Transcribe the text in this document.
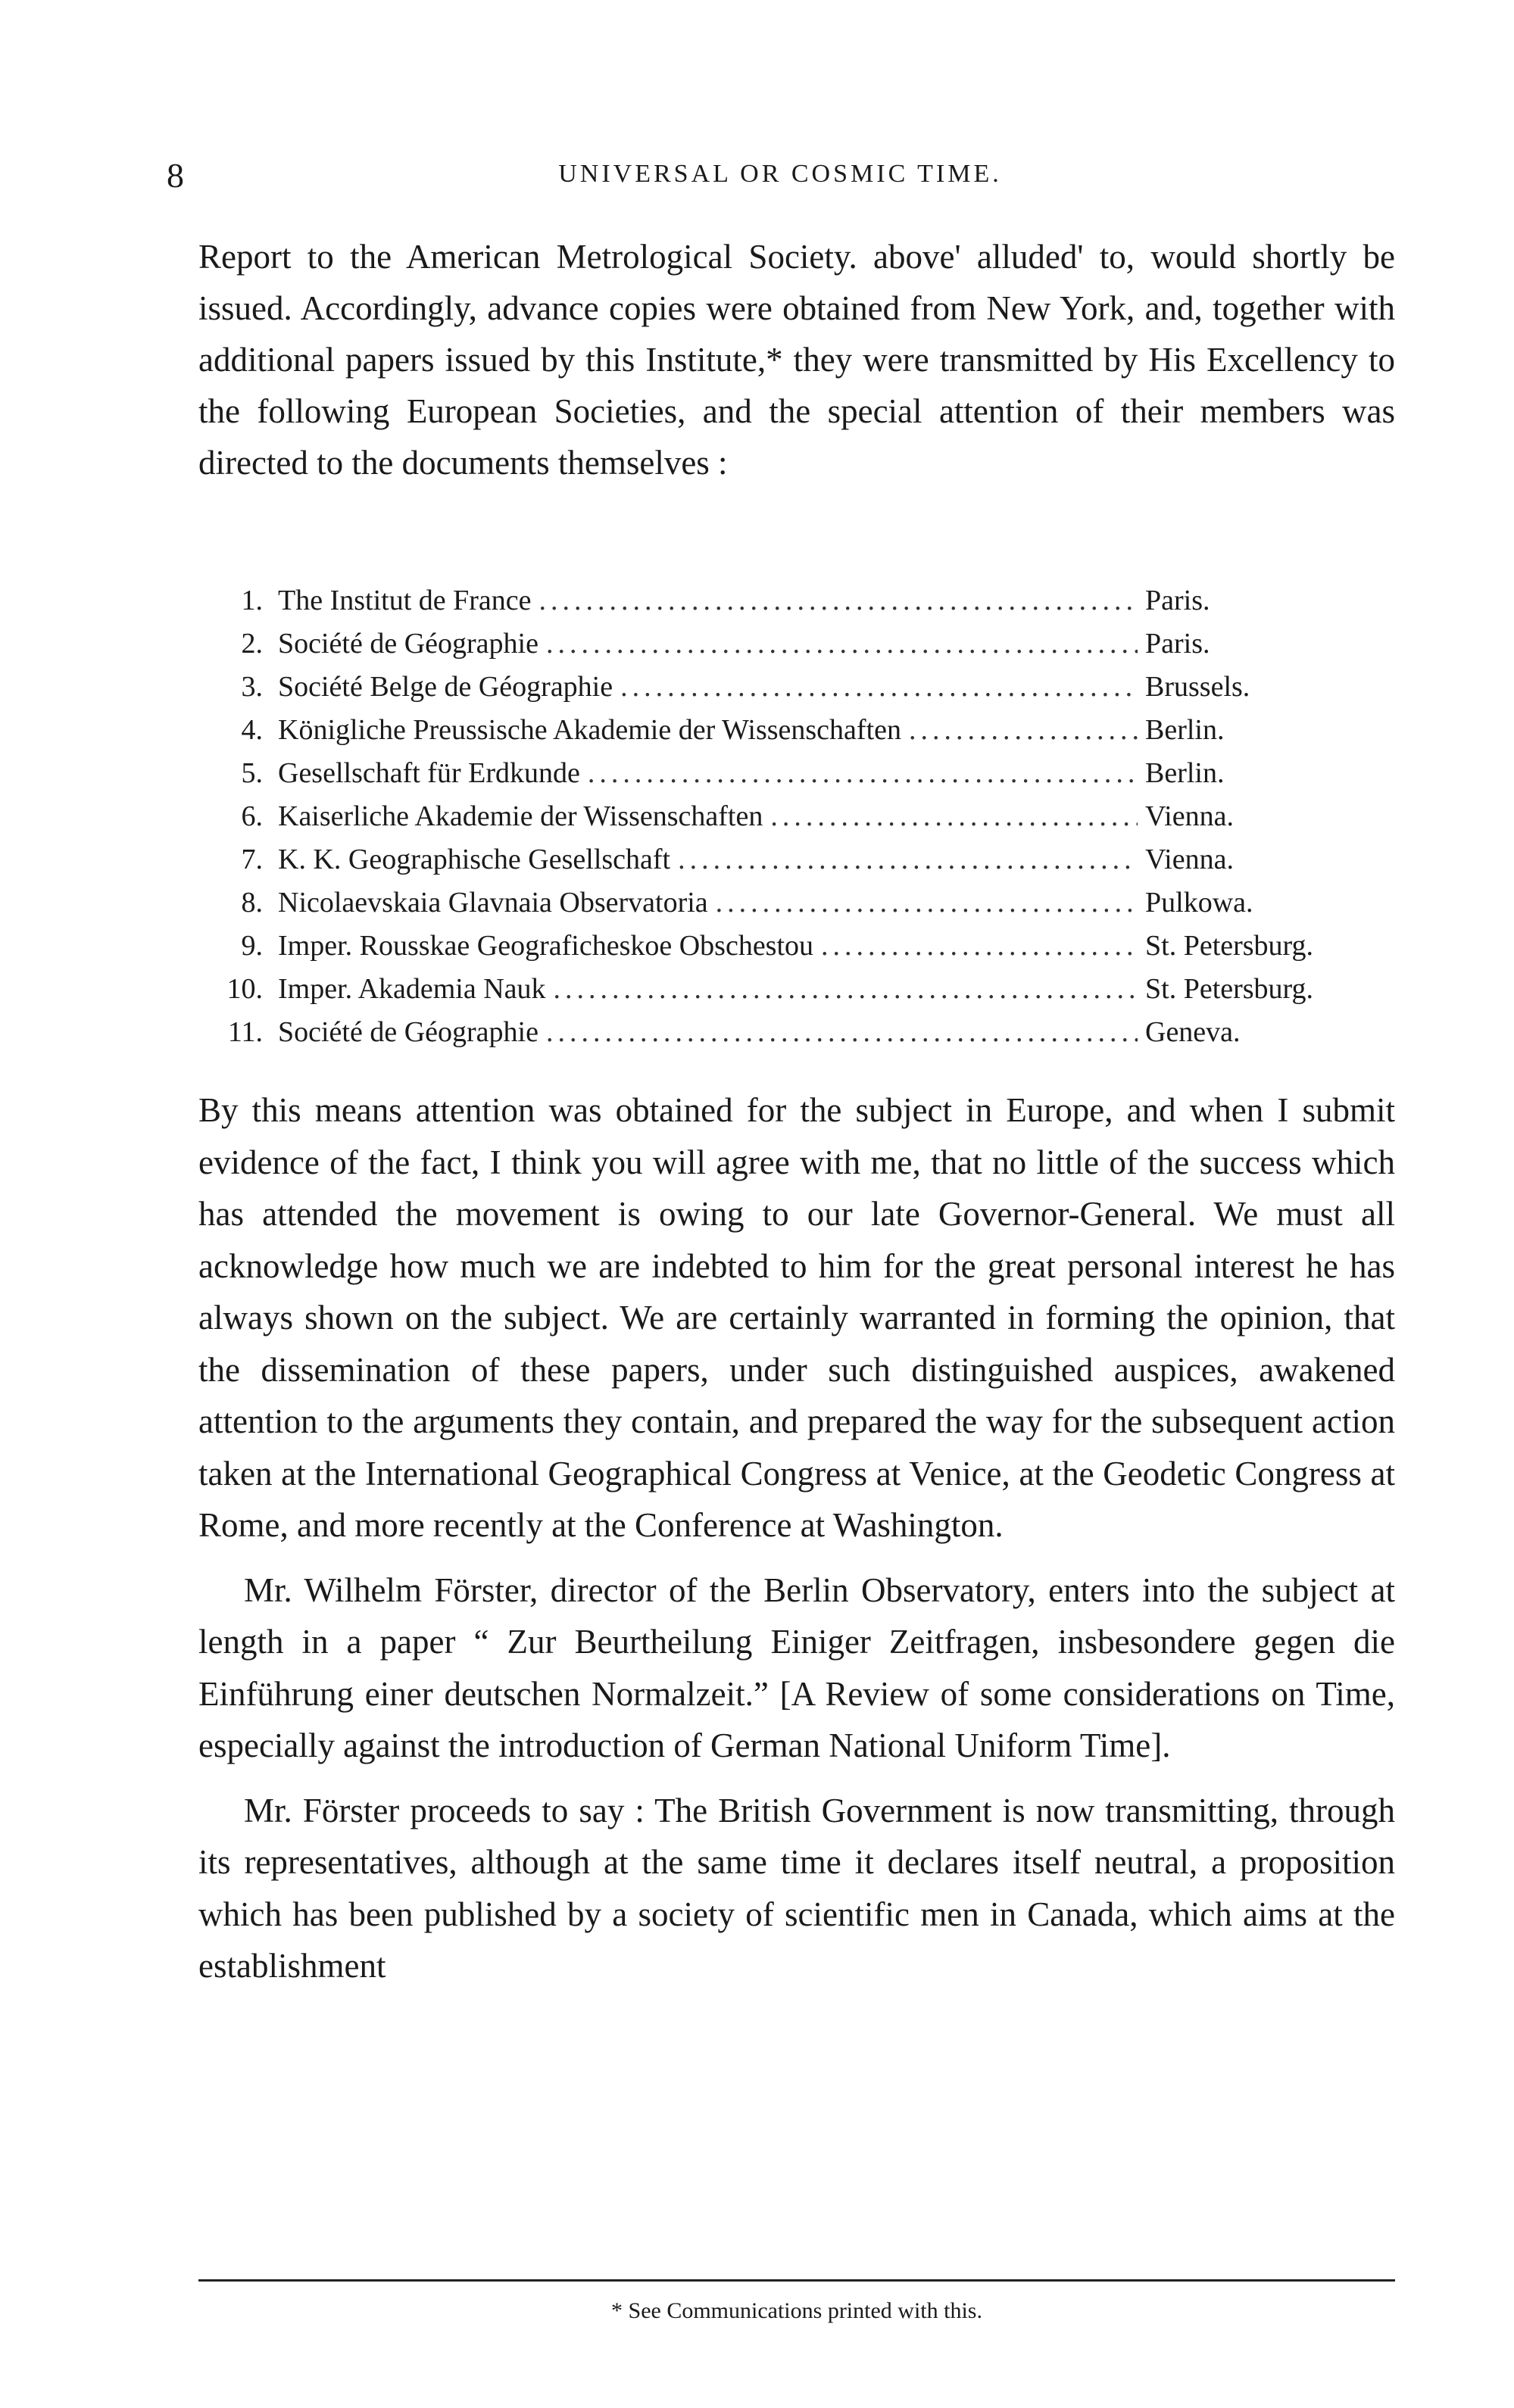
8	UNIVERSAL OR COSMIC TIME.

Report to the American Metrological Society. above' alluded' to, would shortly be issued. Accordingly, advance copies were obtained from New York, and, together with additional papers issued by this Institute,* they were transmitted by His Excellency to the following European Societies, and the special attention of their members was directed to the documents themselves :

1. The Institut de France .....	Paris.
2. Société de Géographie .....	Paris.
3. Société Belge de Géographie .....	Brussels.
4. Königliche Preussische Akademie der Wissenschaften .....	Berlin.
5. Gesellschaft für Erdkunde .....	Berlin.
6. Kaiserliche Akademie der Wissenschaften .....	Vienna.
7. K. K. Geographische Gesellschaft .....	Vienna.
8. Nicolaevskaia Glavnaia Observatoria .....	Pulkowa.
9. Imper. Rousskae Geograficheskoe Obschestou .....	St. Petersburg.
10. Imper. Akademia Nauk .....	St. Petersburg.
11. Société de Géographie .....	Geneva.

By this means attention was obtained for the subject in Europe, and when I submit evidence of the fact, I think you will agree with me, that no little of the success which has attended the movement is owing to our late Governor-General. We must all acknowledge how much we are indebted to him for the great personal interest he has always shown on the subject. We are certainly warranted in forming the opinion, that the dissemination of these papers, under such distinguished auspices, awakened attention to the arguments they contain, and prepared the way for the subsequent action taken at the International Geographical Congress at Venice, at the Geodetic Congress at Rome, and more recently at the Conference at Washington.

Mr. Wilhelm Förster, director of the Berlin Observatory, enters into the subject at length in a paper “ Zur Beurtheilung Einiger Zeitfragen, insbesondere gegen die Einführung einer deutschen Normalzeit.” [A Review of some considerations on Time, especially against the introduction of German National Uniform Time].

Mr. Förster proceeds to say : The British Government is now transmitting, through its representatives, although at the same time it declares itself neutral, a proposition which has been published by a society of scientific men in Canada, which aims at the establishment

* See Communications printed with this.
